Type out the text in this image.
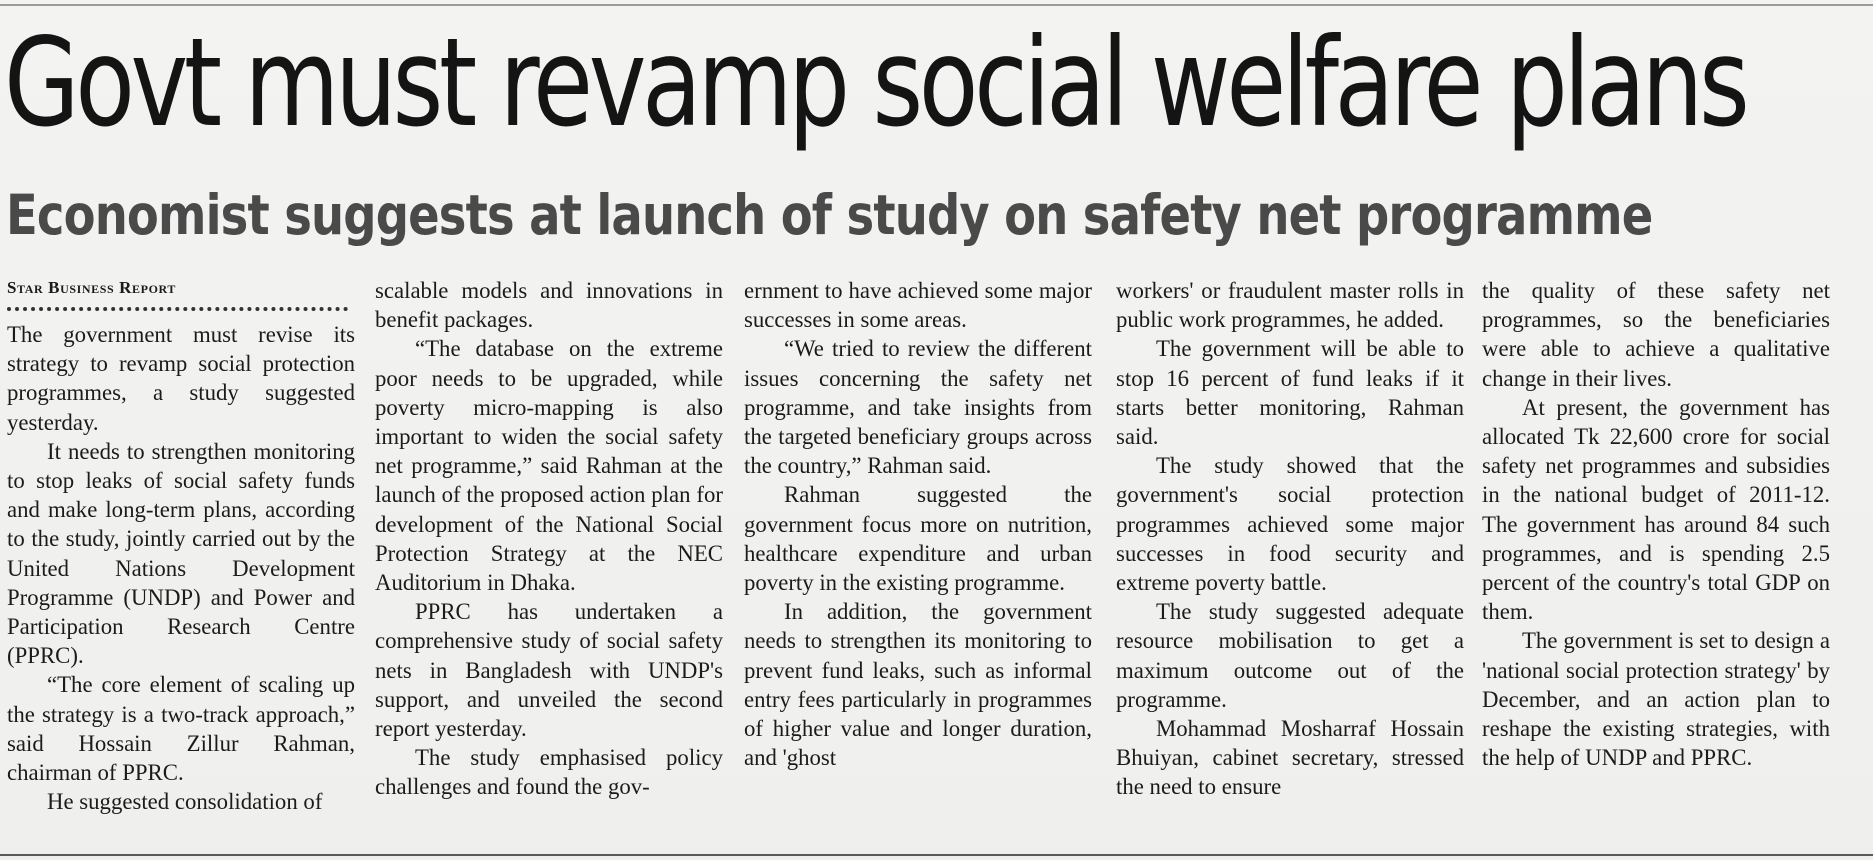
Govt must revamp social welfare plans
Economist suggests at launch of study on safety net programme
Star Business Report

The government must revise its strategy to revamp social protection programmes, a study suggested yesterday.

It needs to strengthen monitoring to stop leaks of social safety funds and make long-term plans, according to the study, jointly carried out by the United Nations Development Programme (UNDP) and Power and Participation Research Centre (PPRC).

“The core element of scaling up the strategy is a two-track approach,” said Hossain Zillur Rahman, chairman of PPRC.

He suggested consolidation of

scalable models and innovations in benefit packages.

“The database on the extreme poor needs to be upgraded, while poverty micro-mapping is also important to widen the social safety net programme,” said Rahman at the launch of the proposed action plan for development of the National Social Protection Strategy at the NEC Auditorium in Dhaka.

PPRC has undertaken a comprehensive study of social safety nets in Bangladesh with UNDP's support, and unveiled the second report yesterday.

The study emphasised policy challenges and found the gov-

ernment to have achieved some major successes in some areas.

“We tried to review the different issues concerning the safety net programme, and take insights from the targeted beneficiary groups across the country,” Rahman said.

Rahman suggested the government focus more on nutrition, healthcare expenditure and urban poverty in the existing programme.

In addition, the government needs to strengthen its monitoring to prevent fund leaks, such as informal entry fees particularly in programmes of higher value and longer duration, and 'ghost

workers' or fraudulent master rolls in public work programmes, he added.

The government will be able to stop 16 percent of fund leaks if it starts better monitoring, Rahman said.

The study showed that the government's social protection programmes achieved some major successes in food security and extreme poverty battle.

The study suggested adequate resource mobilisation to get a maximum outcome out of the programme.

Mohammad Mosharraf Hossain Bhuiyan, cabinet secretary, stressed the need to ensure

the quality of these safety net programmes, so the beneficiaries were able to achieve a qualitative change in their lives.

At present, the government has allocated Tk 22,600 crore for social safety net programmes and subsidies in the national budget of 2011-12. The government has around 84 such programmes, and is spending 2.5 percent of the country's total GDP on them.

The government is set to design a 'national social protection strategy' by December, and an action plan to reshape the existing strategies, with the help of UNDP and PPRC.
